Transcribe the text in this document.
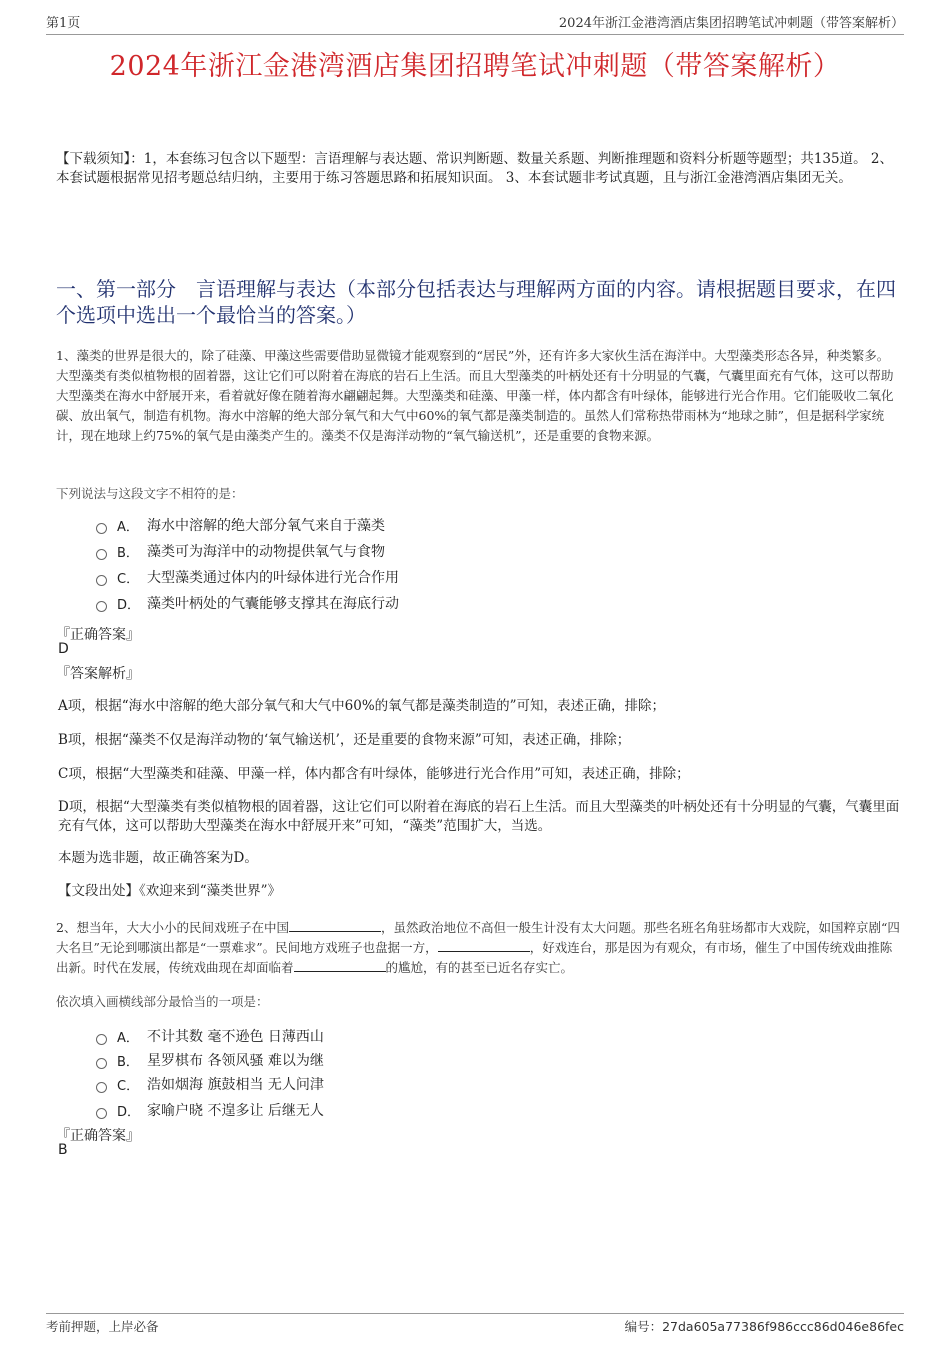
第1页	2024年浙江金港湾酒店集团招聘笔试冲刺题（带答案解析）
2024年浙江金港湾酒店集团招聘笔试冲刺题（带答案解析）
【下载须知】：1，本套练习包含以下题型：言语理解与表达题、常识判断题、数量关系题、判断推理题和资料分析题等题型；共135道。 2、本套试题根据常见招考题总结归纳，主要用于练习答题思路和拓展知识面。 3、本套试题非考试真题，且与浙江金港湾酒店集团无关。
一、第一部分　言语理解与表达（本部分包括表达与理解两方面的内容。请根据题目要求，在四个选项中选出一个最恰当的答案。）
1、藻类的世界是很大的，除了硅藻、甲藻这些需要借助显微镜才能观察到的“居民”外，还有许多大家伙生活在海洋中。大型藻类形态各异，种类繁多。大型藻类有类似植物根的固着器，这让它们可以附着在海底的岩石上生活。而且大型藻类的叶柄处还有十分明显的气囊，气囊里面充有气体，这可以帮助大型藻类在海水中舒展开来，看着就好像在随着海水翩翩起舞。大型藻类和硅藻、甲藻一样，体内都含有叶绿体，能够进行光合作用。它们能吸收二氧化碳、放出氧气，制造有机物。海水中溶解的绝大部分氧气和大气中60%的氧气都是藻类制造的。虽然人们常称热带雨林为“地球之肺”，但是据科学家统计，现在地球上约75%的氧气是由藻类产生的。藻类不仅是海洋动物的“氧气输送机”，还是重要的食物来源。
下列说法与这段文字不相符的是：
A． 海水中溶解的绝大部分氧气来自于藻类
B． 藻类可为海洋中的动物提供氧气与食物
C． 大型藻类通过体内的叶绿体进行光合作用
D． 藻类叶柄处的气囊能够支撑其在海底行动
『正确答案』
D
『答案解析』
A项，根据“海水中溶解的绝大部分氧气和大气中60%的氧气都是藻类制造的”可知，表述正确，排除；
B项，根据“藻类不仅是海洋动物的‘氧气输送机’，还是重要的食物来源”可知，表述正确，排除；
C项，根据“大型藻类和硅藻、甲藻一样，体内都含有叶绿体，能够进行光合作用”可知，表述正确，排除；
D项，根据“大型藻类有类似植物根的固着器，这让它们可以附着在海底的岩石上生活。而且大型藻类的叶柄处还有十分明显的气囊，气囊里面充有气体，这可以帮助大型藻类在海水中舒展开来”可知，“藻类”范围扩大，当选。
本题为选非题，故正确答案为D。
【文段出处】《欢迎来到“藻类世界”》
2、想当年，大大小小的民间戏班子在中国	，虽然政治地位不高但一般生计没有太大问题。那些名班名角驻场都市大戏院，如国粹京剧“四大名旦”无论到哪演出都是“一票难求”。民间地方戏班子也盘据一方，	，好戏连台，那是因为有观众，有市场，催生了中国传统戏曲推陈出新。时代在发展，传统戏曲现在却面临着	的尴尬，有的甚至已近名存实亡。
依次填入画横线部分最恰当的一项是：
A． 不计其数 毫不逊色 日薄西山
B． 星罗棋布 各领风骚 难以为继
C． 浩如烟海 旗鼓相当 无人问津
D． 家喻户晓 不遑多让 后继无人
『正确答案』
B
考前押题，上岸必备	编号：27da605a77386f986ccc86d046e86fec
